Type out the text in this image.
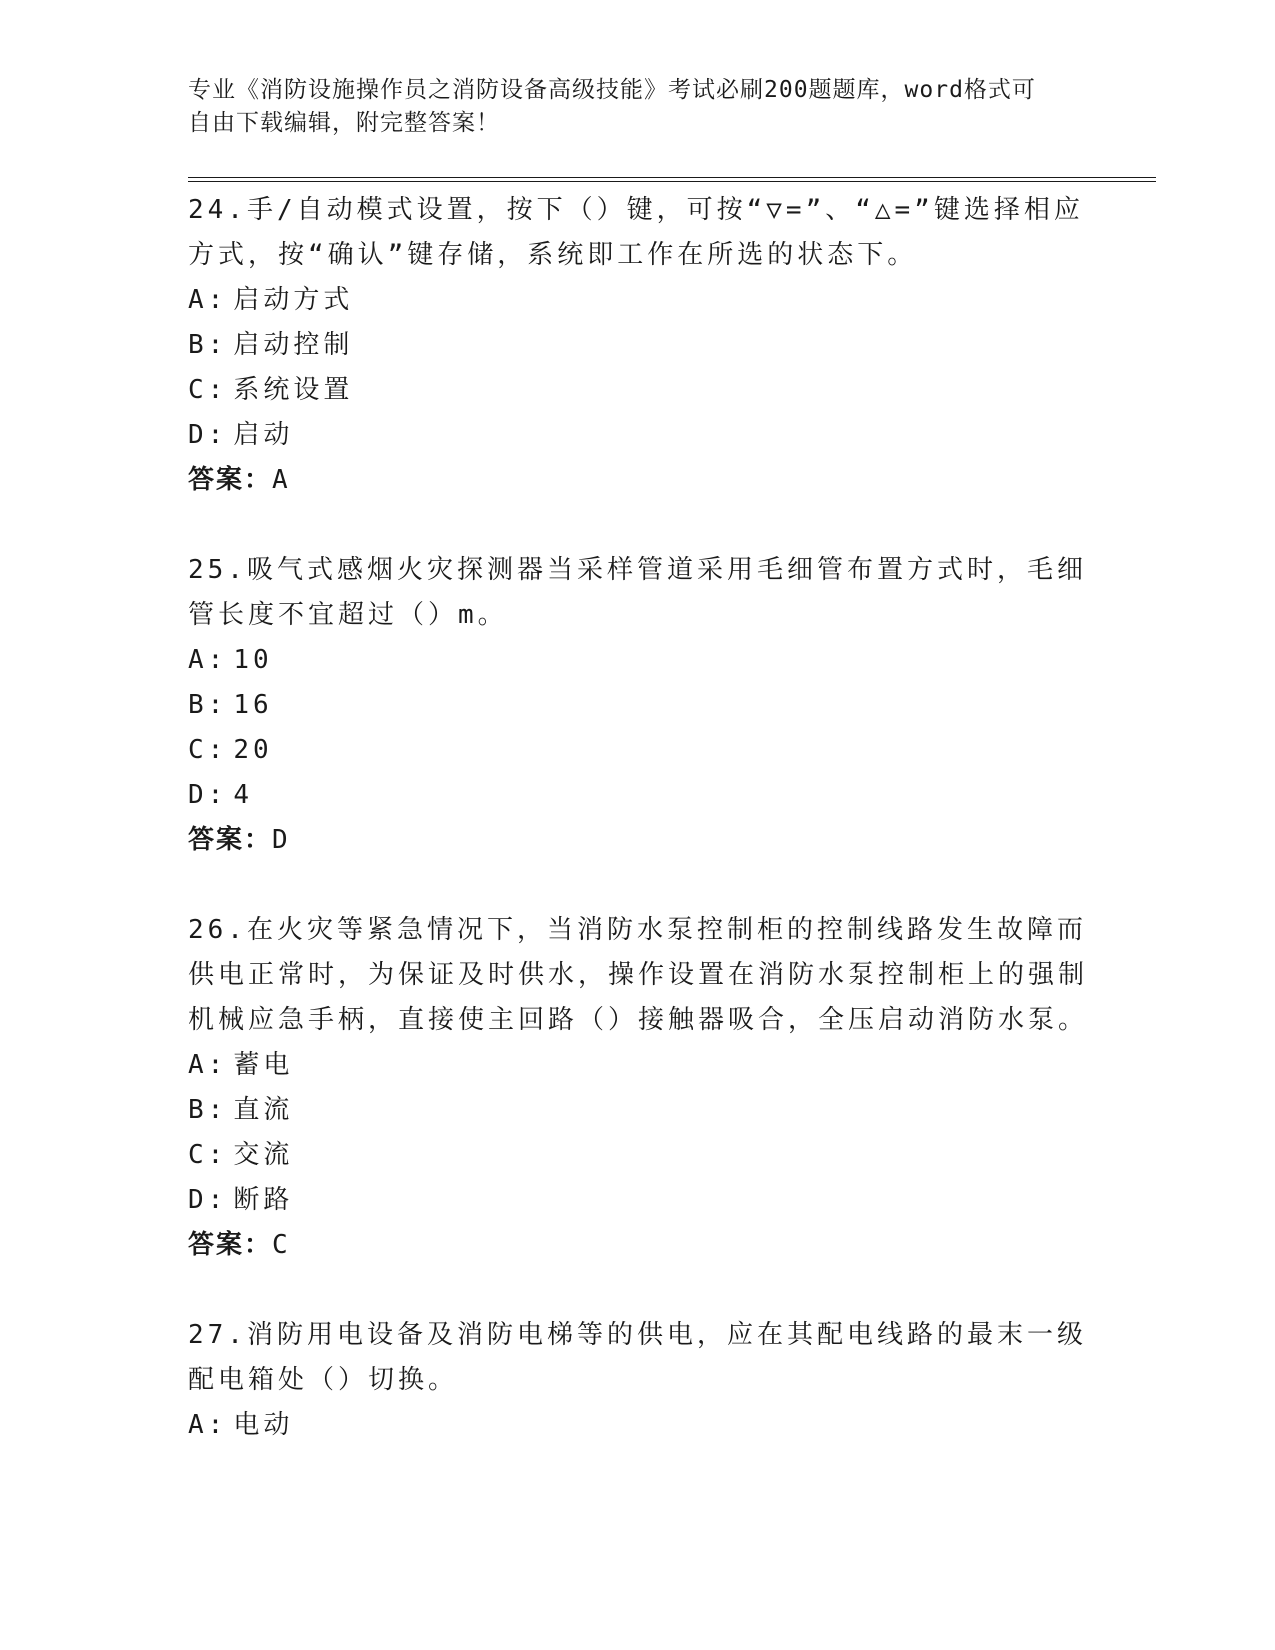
专业《消防设施操作员之消防设备高级技能》考试必刷200题题库，word格式可
自由下载编辑，附完整答案！

24.手/自动模式设置，按下（）键，可按“▽=”、“△=”键选择相应方式，按“确认”键存储，系统即工作在所选的状态下。

A: 启动方式
B: 启动控制
C: 系统设置
D: 启动
答案：A

25.吸气式感烟火灾探测器当采样管道采用毛细管布置方式时，毛细管长度不宜超过（）m。

A: 10
B: 16
C: 20
D: 4
答案：D

26.在火灾等紧急情况下，当消防水泵控制柜的控制线路发生故障而供电正常时，为保证及时供水，操作设置在消防水泵控制柜上的强制机械应急手柄，直接使主回路（）接触器吸合，全压启动消防水泵。

A: 蓄电
B: 直流
C: 交流
D: 断路
答案：C

27.消防用电设备及消防电梯等的供电，应在其配电线路的最末一级配电箱处（）切换。

A: 电动
